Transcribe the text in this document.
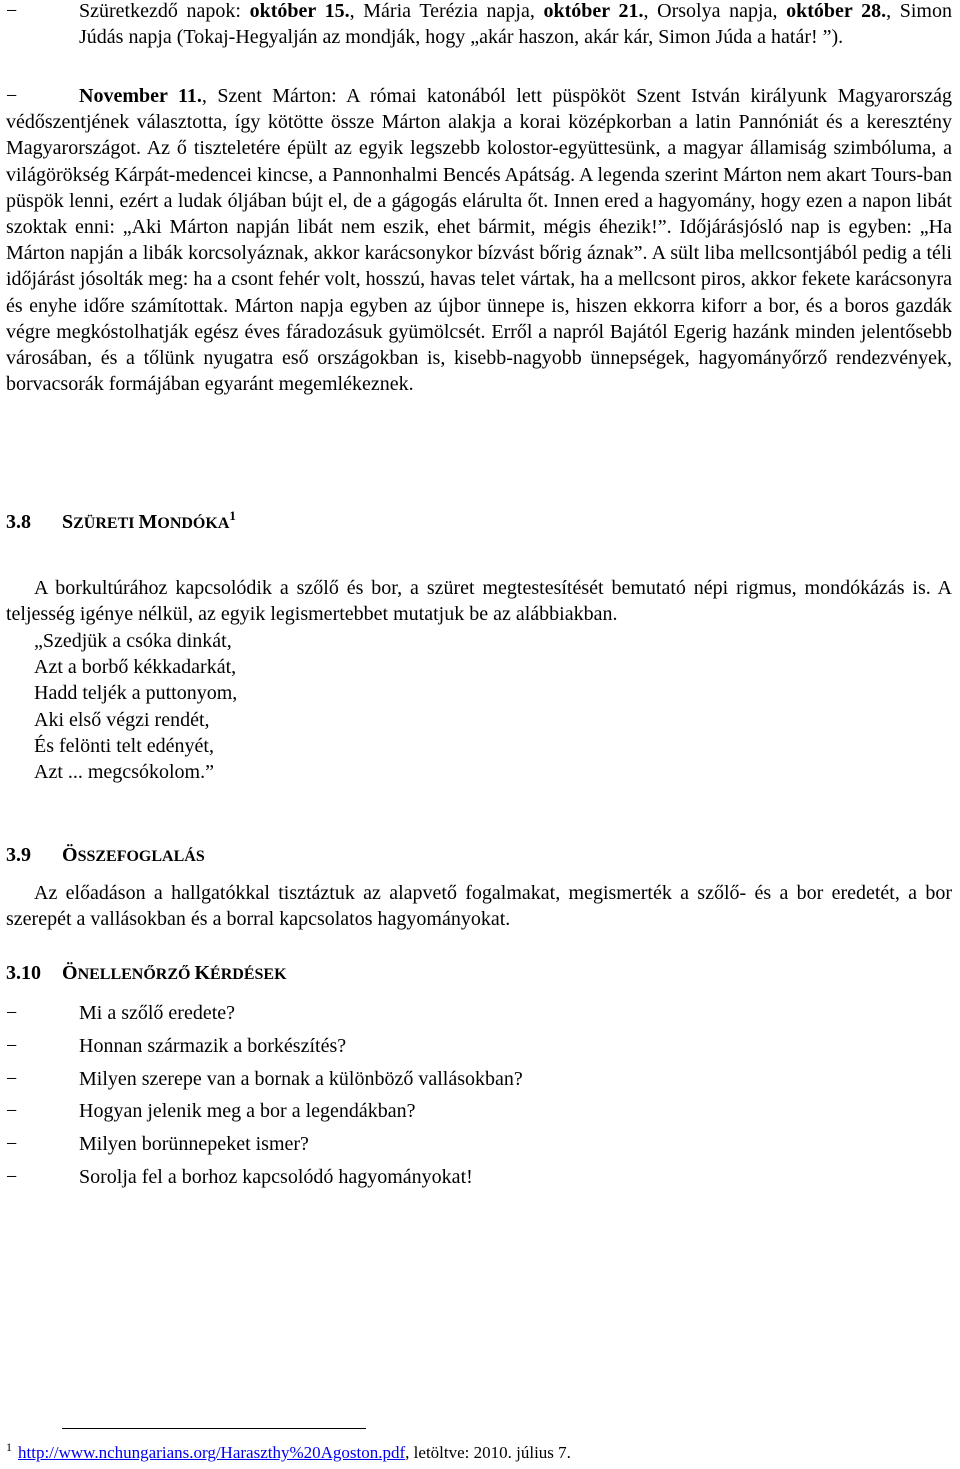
−	Szüretkezdő napok: október 15., Mária Terézia napja, október 21., Orsolya napja, október 28., Simon Júdás napja (Tokaj-Hegyalján az mondják, hogy „akár haszon, akár kár, Simon Júda a határ! ”).
−	November 11., Szent Márton: A római katonából lett püspököt Szent István királyunk Magyarország védőszentjének választotta, így kötötte össze Márton alakja a korai középkorban a latin Pannóniát és a keresztény Magyarországot. Az ő tiszteletére épült az egyik legszebb kolostor-együttesünk, a magyar államiság szimbóluma, a világörökség Kárpát-medencei kincse, a Pannonhalmi Bencés Apátság. A legenda szerint Márton nem akart Tours-ban püspök lenni, ezért a ludak óljában bújt el, de a gágogás elárulta őt. Innen ered a hagyomány, hogy ezen a napon libát szoktak enni: „Aki Márton napján libát nem eszik, ehet bármit, mégis éhezik!”. Időjárásjósló nap is egyben: „Ha Márton napján a libák korcsolyáznak, akkor karácsonykor bízvást bőrig áznak”. A sült liba mellcsontjából pedig a téli időjárást jósolták meg: ha a csont fehér volt, hosszú, havas telet vártak, ha a mellcsont piros, akkor fekete karácsonyra és enyhe időre számítottak. Márton napja egyben az újbor ünnepe is, hiszen ekkorra kiforr a bor, és a boros gazdák végre megkóstolhatják egész éves fáradozásuk gyümölcsét. Erről a napról Bajától Egerig hazánk minden jelentősebb városában, és a tőlünk nyugatra eső országokban is, kisebb-nagyobb ünnepségek, hagyományőrző rendezvények, borvacsorák formájában egyaránt megemlékeznek.
3.8 SZÜRETI MONDÓKA$^1$
A borkultúrához kapcsolódik a szőlő és bor, a szüret megtestesítését bemutató népi rigmus, mondókázás is. A teljesség igénye nélkül, az egyik legismertebbet mutatjuk be az alábbiakban.
„Szedjük a csóka dinkát,
Azt a borbő kékkadarkát,
Hadd teljék a puttonyom,
Aki első végzi rendét,
És felönti telt edényét,
Azt ... megcsókolom.”
3.9 ÖSSZEFOGLALÁS
Az előadáson a hallgatókkal tisztáztuk az alapvető fogalmakat, megismerték a szőlő- és a bor eredetét, a bor szerepét a vallásokban és a borral kapcsolatos hagyományokat.
3.10 ÖNELLENŐRZŐ KÉRDÉSEK
−	Mi a szőlő eredete?
−	Honnan származik a borkészítés?
−	Milyen szerepe van a bornak a különböző vallásokban?
−	Hogyan jelenik meg a bor a legendákban?
−	Milyen borünnepeket ismer?
−	Sorolja fel a borhoz kapcsolódó hagyományokat!
$^1$ http://www.nchungarians.org/Haraszthy%20Agoston.pdf, letöltve: 2010. július 7.
